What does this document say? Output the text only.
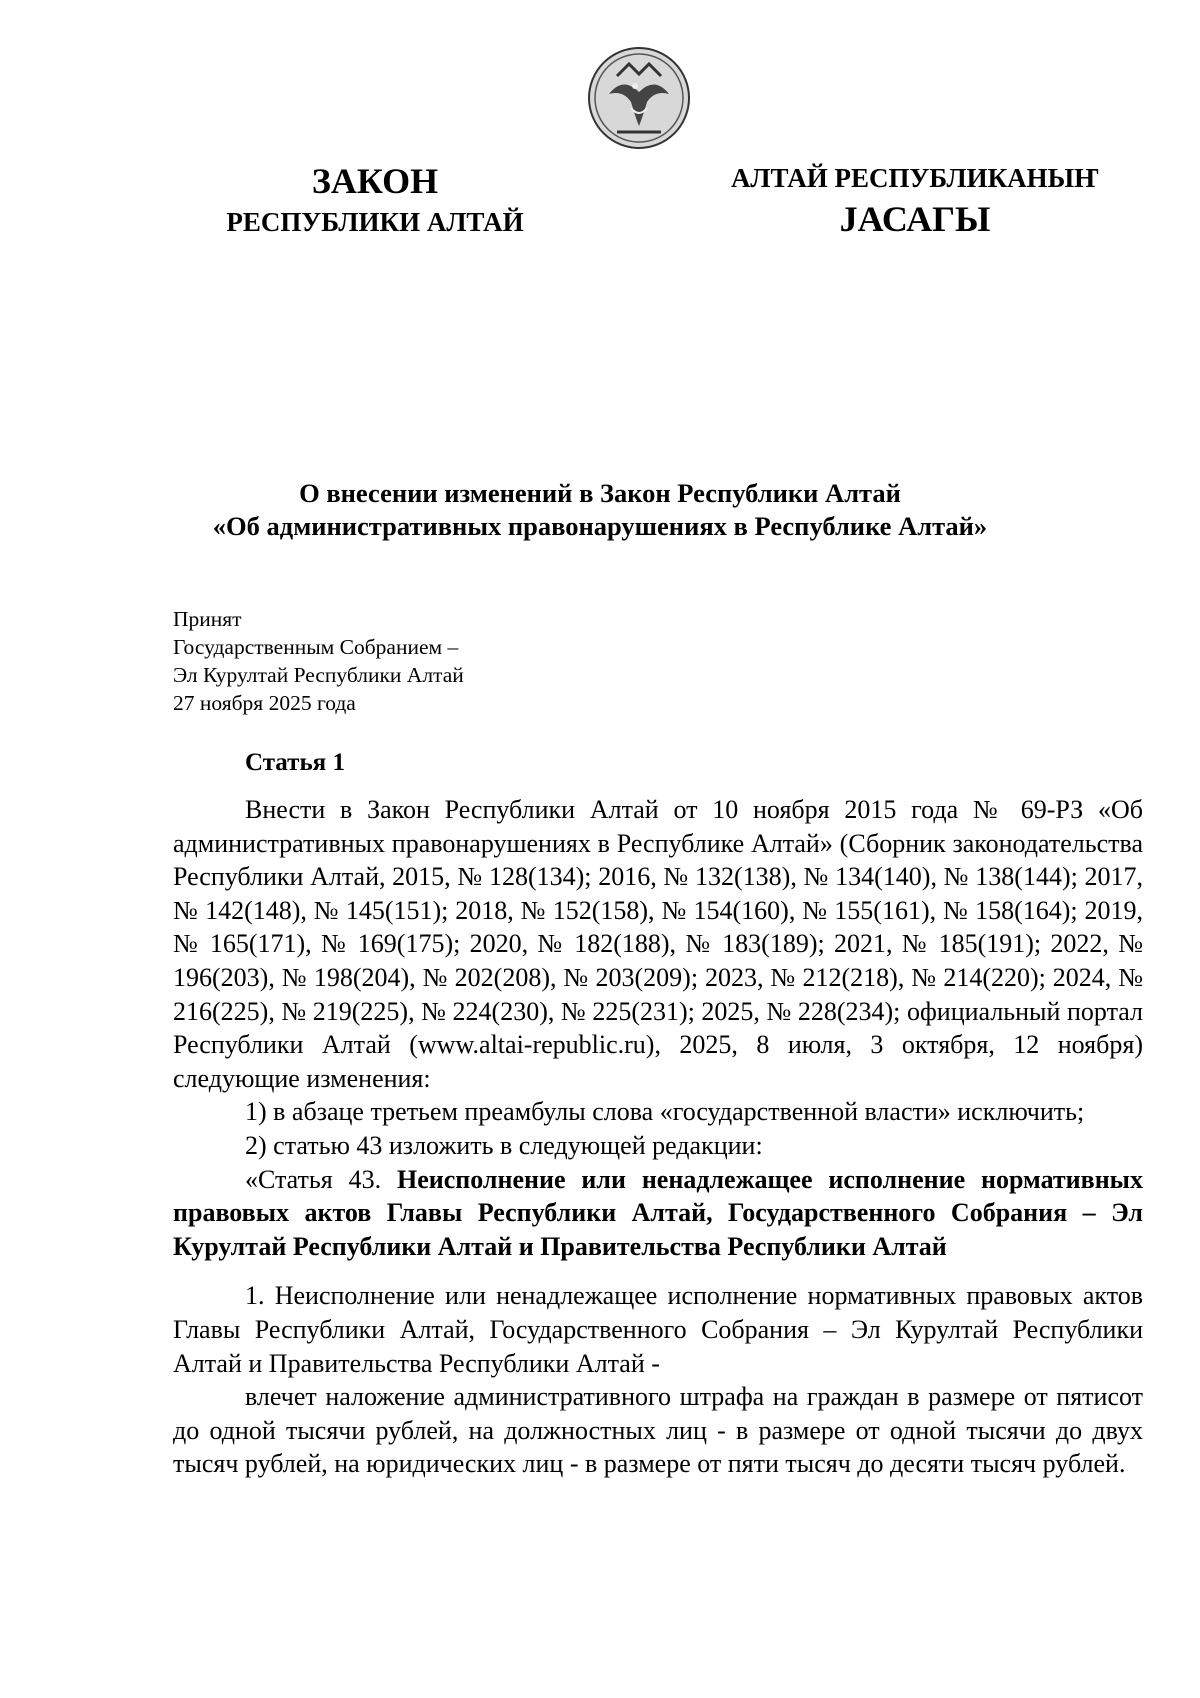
ЗАКОН
РЕСПУБЛИКИ АЛТАЙ
АЛТАЙ РЕСПУБЛИКАНЫҤ
JАСАГЫ
О внесении изменений в Закон Республики Алтай
«Об административных правонарушениях в Республике Алтай»
Принят
Государственным Собранием –
Эл Курултай Республики Алтай
27 ноября 2025 года
Статья 1

Внести в Закон Республики Алтай от 10 ноября 2015 года № 69-РЗ «Об административных правонарушениях в Республике Алтай» (Сборник законодательства Республики Алтай, 2015, № 128(134); 2016, № 132(138), № 134(140), № 138(144); 2017, № 142(148), № 145(151); 2018, № 152(158), № 154(160), № 155(161), № 158(164); 2019, № 165(171), № 169(175); 2020, № 182(188), № 183(189); 2021, № 185(191); 2022, № 196(203), № 198(204), № 202(208), № 203(209); 2023, № 212(218), № 214(220); 2024, № 216(225), № 219(225), № 224(230), № 225(231); 2025, № 228(234); официальный портал Республики Алтай (www.altai-republic.ru), 2025, 8 июля, 3 октября, 12 ноября) следующие изменения:

1) в абзаце третьем преамбулы слова «государственной власти» исключить;

2) статью 43 изложить в следующей редакции:

«Статья 43. Неисполнение или ненадлежащее исполнение нормативных правовых актов Главы Республики Алтай, Государственного Собрания – Эл Курултай Республики Алтай и Правительства Республики Алтай

1. Неисполнение или ненадлежащее исполнение нормативных правовых актов Главы Республики Алтай, Государственного Собрания – Эл Курултай Республики Алтай и Правительства Республики Алтай -

влечет наложение административного штрафа на граждан в размере от пятисот до одной тысячи рублей, на должностных лиц - в размере от одной тысячи до двух тысяч рублей, на юридических лиц - в размере от пяти тысяч до десяти тысяч рублей.
